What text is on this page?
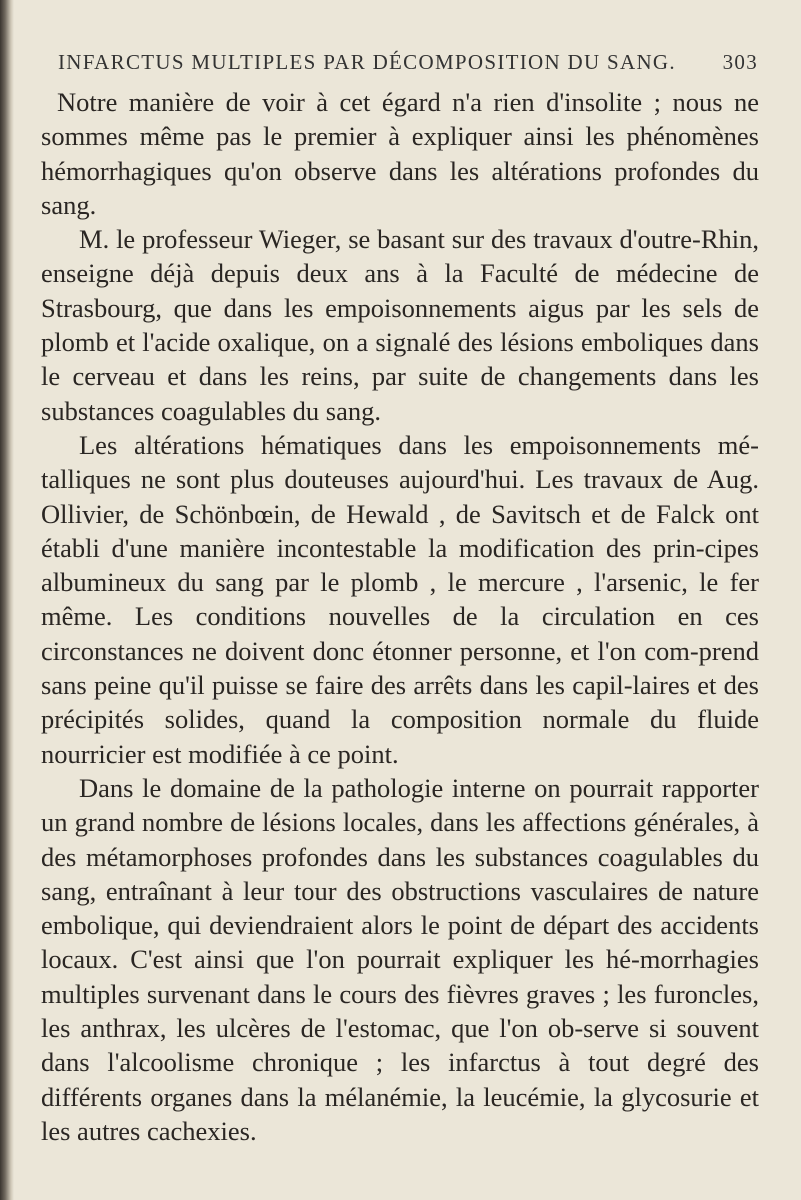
INFARCTUS MULTIPLES PAR DÉCOMPOSITION DU SANG. 303

Notre manière de voir à cet égard n'a rien d'insolite ; nous ne sommes même pas le premier à expliquer ainsi les phénomènes hémorrhagiques qu'on observe dans les altérations profondes du sang.

M. le professeur Wieger, se basant sur des travaux d'outre-Rhin, enseigne déjà depuis deux ans à la Faculté de médecine de Strasbourg, que dans les empoisonnements aigus par les sels de plomb et l'acide oxalique, on a signalé des lésions emboliques dans le cerveau et dans les reins, par suite de changements dans les substances coagulables du sang.

Les altérations hématiques dans les empoisonnements mé-talliques ne sont plus douteuses aujourd'hui. Les travaux de Aug. Ollivier, de Schönbœin, de Hewald , de Savitsch et de Falck ont établi d'une manière incontestable la modification des prin-cipes albumineux du sang par le plomb , le mercure , l'arsenic, le fer même. Les conditions nouvelles de la circulation en ces circonstances ne doivent donc étonner personne, et l'on com-prend sans peine qu'il puisse se faire des arrêts dans les capil-laires et des précipités solides, quand la composition normale du fluide nourricier est modifiée à ce point.

Dans le domaine de la pathologie interne on pourrait rapporter un grand nombre de lésions locales, dans les affections générales, à des métamorphoses profondes dans les substances coagulables du sang, entraînant à leur tour des obstructions vasculaires de nature embolique, qui deviendraient alors le point de départ des accidents locaux. C'est ainsi que l'on pourrait expliquer les hé-morrhagies multiples survenant dans le cours des fièvres graves ; les furoncles, les anthrax, les ulcères de l'estomac, que l'on ob-serve si souvent dans l'alcoolisme chronique ; les infarctus à tout degré des différents organes dans la mélanémie, la leucémie, la glycosurie et les autres cachexies.
